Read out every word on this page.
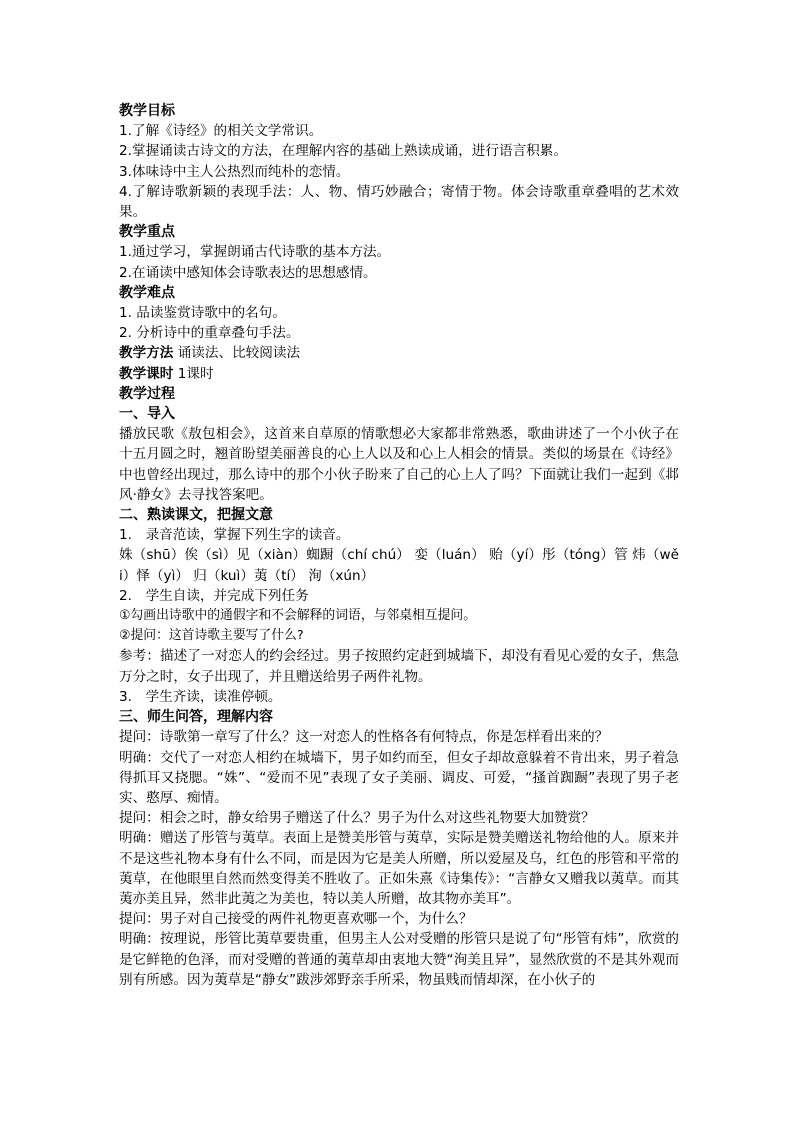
教学目标
1.了解《诗经》的相关文学常识。
2.掌握诵读古诗文的方法，在理解内容的基础上熟读成诵，进行语言积累。
3.体味诗中主人公热烈而纯朴的恋情。
4.了解诗歌新颖的表现手法：人、物、情巧妙融合；寄情于物。体会诗歌重章叠唱的艺术效果。
教学重点
1.通过学习，掌握朗诵古代诗歌的基本方法。
2.在诵读中感知体会诗歌表达的思想感情。
教学难点
1. 品读鉴赏诗歌中的名句。
2. 分析诗中的重章叠句手法。
教学方法 诵读法、比较阅读法
教学课时 1课时
教学过程
一、导入
播放民歌《敖包相会》，这首来自草原的情歌想必大家都非常熟悉，歌曲讲述了一个小伙子在十五月圆之时，翘首盼望美丽善良的心上人以及和心上人相会的情景。类似的场景在《诗经》中也曾经出现过，那么诗中的那个小伙子盼来了自己的心上人了吗？下面就让我们一起到《邶风·静女》去寻找答案吧。
二、熟读课文，把握文意
1.　录音范读，掌握下列生字的读音。
姝（shū）俟（sì）见（xiàn）蜘蹰（chí chú） 娈（luán） 贻（yí）彤（tóng）管 炜（wěi）怿（yì） 归（kuì）荑（tí） 洵（xún）
2.　学生自读，并完成下列任务
①勾画出诗歌中的通假字和不会解释的词语，与邻桌相互提问。
②提问：这首诗歌主要写了什么?
参考：描述了一对恋人的约会经过。男子按照约定赶到城墙下，却没有看见心爱的女子，焦急万分之时，女子出现了，并且赠送给男子两件礼物。
3.　学生齐读，读准停顿。
三、师生问答，理解内容
提问：诗歌第一章写了什么？这一对恋人的性格各有何特点，你是怎样看出来的？
明确：交代了一对恋人相约在城墙下，男子如约而至，但女子却故意躲着不肯出来，男子着急得抓耳又挠腮。“姝”、“爱而不见”表现了女子美丽、调皮、可爱，“搔首踟蹰”表现了男子老实、憨厚、痴情。
提问：相会之时，静女给男子赠送了什么？男子为什么对这些礼物要大加赞赏？
明确：赠送了彤管与荑草。表面上是赞美彤管与荑草，实际是赞美赠送礼物给他的人。原来并不是这些礼物本身有什么不同，而是因为它是美人所赠，所以爱屋及乌，红色的彤管和平常的荑草，在他眼里自然而然变得美不胜收了。正如朱熹《诗集传》：“言静女又赠我以荑草。而其荑亦美且异，然非此荑之为美也，特以美人所赠，故其物亦美耳”。
提问：男子对自己接受的两件礼物更喜欢哪一个，为什么？
明确：按理说，彤管比荑草要贵重，但男主人公对受赠的彤管只是说了句“彤管有炜”，欣赏的是它鲜艳的色泽，而对受赠的普通的荑草却由衷地大赞“洵美且异”，显然欣赏的不是其外观而别有所感。因为荑草是“静女”跋涉郊野亲手所采，物虽贱而情却深，在小伙子的
